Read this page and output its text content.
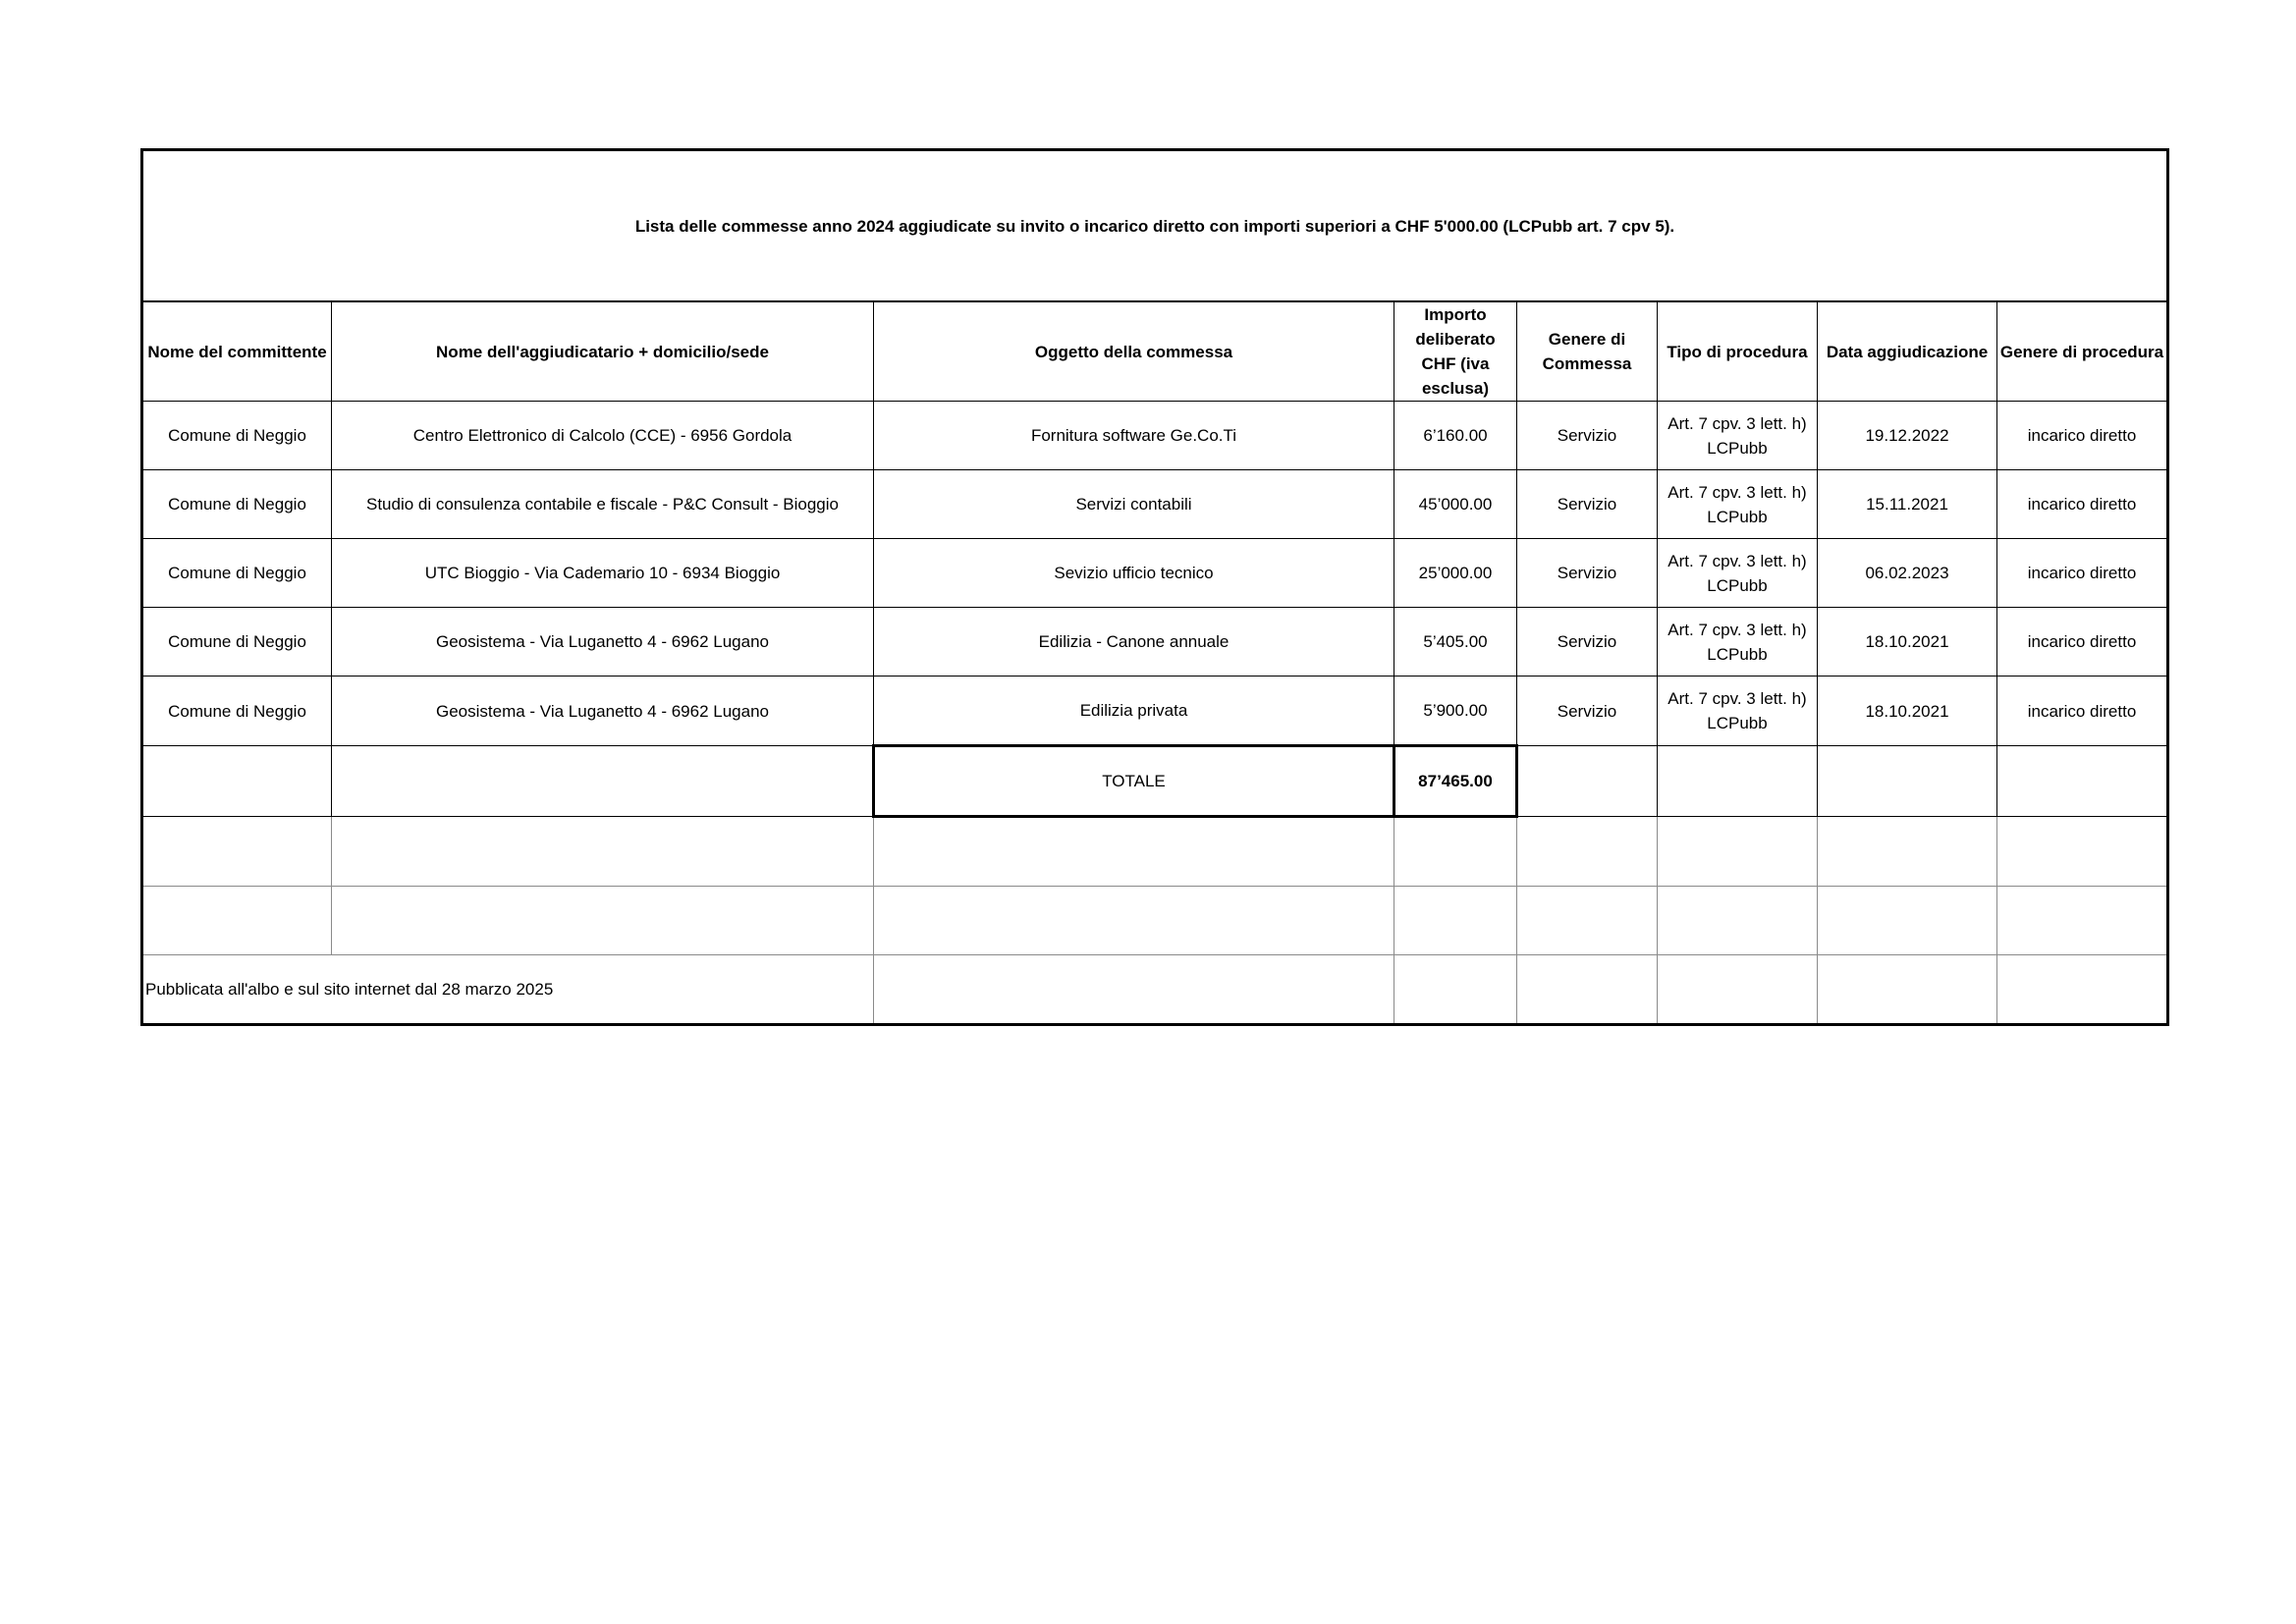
Lista delle commesse anno 2024 aggiudicate su invito o incarico diretto con importi superiori a CHF 5'000.00 (LCPubb art. 7 cpv 5).							
Nome del committente	Nome dell'aggiudicatario + domicilio/sede	Oggetto della commessa	Importo deliberato CHF (iva esclusa)	Genere di Commessa	Tipo di procedura	Data aggiudicazione	Genere di procedura
Comune di Neggio	Centro Elettronico di Calcolo (CCE) - 6956 Gordola	Fornitura software Ge.Co.Ti	6’160.00	Servizio	Art. 7 cpv. 3 lett. h) LCPubb	19.12.2022	incarico diretto
Comune di Neggio	Studio di consulenza contabile e fiscale - P&C Consult - Bioggio	Servizi contabili	45’000.00	Servizio	Art. 7 cpv. 3 lett. h) LCPubb	15.11.2021	incarico diretto
Comune di Neggio	UTC Bioggio - Via Cademario 10 - 6934 Bioggio	Sevizio ufficio tecnico	25’000.00	Servizio	Art. 7 cpv. 3 lett. h) LCPubb	06.02.2023	incarico diretto
Comune di Neggio	Geosistema - Via Luganetto 4 - 6962 Lugano	Edilizia - Canone annuale	5’405.00	Servizio	Art. 7 cpv. 3 lett. h) LCPubb	18.10.2021	incarico diretto
Comune di Neggio	Geosistema - Via Luganetto 4 - 6962 Lugano	Edilizia privata	5’900.00	Servizio	Art. 7 cpv. 3 lett. h) LCPubb	18.10.2021	incarico diretto
		TOTALE	87’465.00				

Pubblicata all'albo e sul sito internet dal 28 marzo 2025							
